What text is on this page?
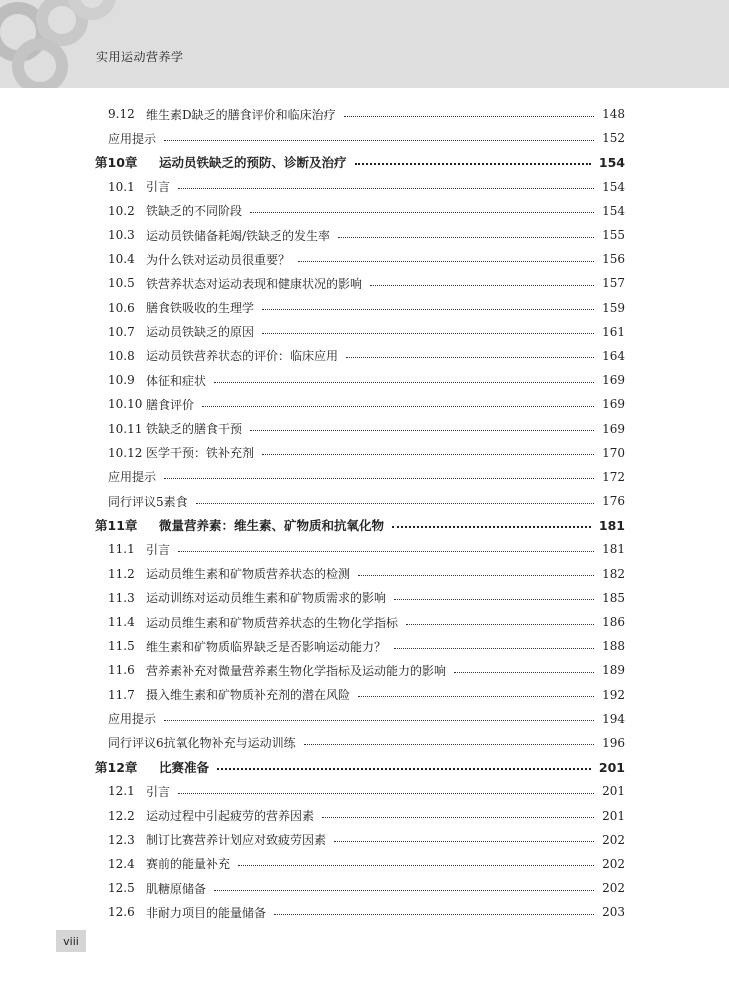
实用运动营养学
9.12 维生素D缺乏的膳食评价和临床治疗	148
应用提示	152
第10章	运动员铁缺乏的预防、诊断及治疗	154
10.1 引言	154
10.2 铁缺乏的不同阶段	154
10.3 运动员铁储备耗竭/铁缺乏的发生率	155
10.4 为什么铁对运动员很重要？	156
10.5 铁营养状态对运动表现和健康状况的影响	157
10.6 膳食铁吸收的生理学	159
10.7 运动员铁缺乏的原因	161
10.8 运动员铁营养状态的评价：临床应用	164
10.9 体征和症状	169
10.10 膳食评价	169
10.11 铁缺乏的膳食干预	169
10.12 医学干预：铁补充剂	170
应用提示	172
同行评议5 素食	176
第11章	微量营养素：维生素、矿物质和抗氧化物	181
11.1 引言	181
11.2 运动员维生素和矿物质营养状态的检测	182
11.3 运动训练对运动员维生素和矿物质需求的影响	185
11.4 运动员维生素和矿物质营养状态的生物化学指标	186
11.5 维生素和矿物质临界缺乏是否影响运动能力？	188
11.6 营养素补充对微量营养素生物化学指标及运动能力的影响	189
11.7 摄入维生素和矿物质补充剂的潜在风险	192
应用提示	194
同行评议6 抗氧化物补充与运动训练	196
第12章	比赛准备	201
12.1 引言	201
12.2 运动过程中引起疲劳的营养因素	201
12.3 制订比赛营养计划应对致疲劳因素	202
12.4 赛前的能量补充	202
12.5 肌糖原储备	202
12.6 非耐力项目的能量储备	203
viii
